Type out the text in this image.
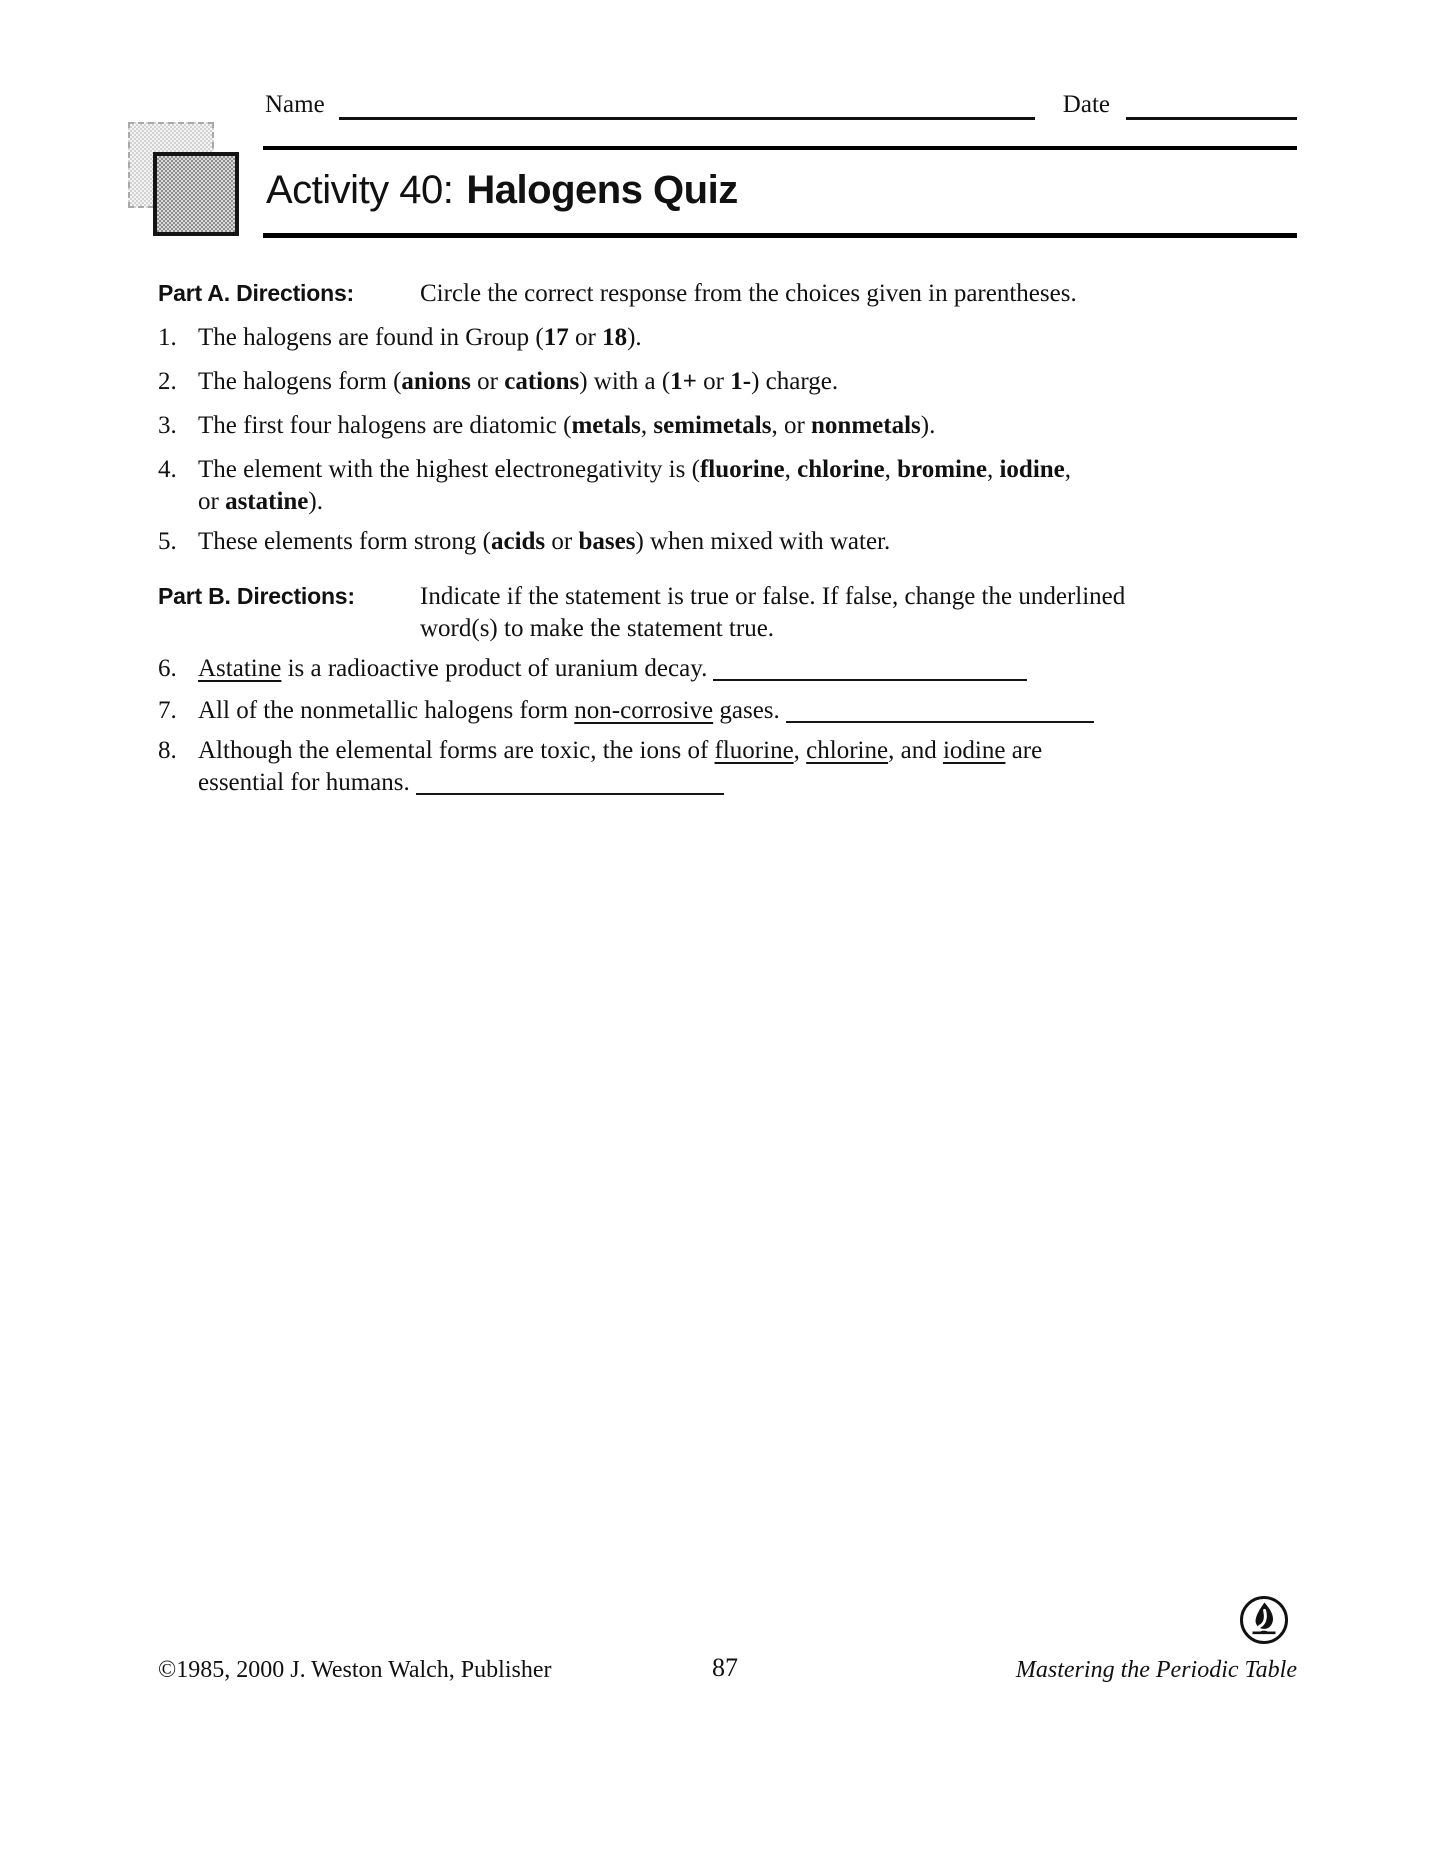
Name	Date
Activity 40: Halogens Quiz
Part A. Directions:	Circle the correct response from the choices given in parentheses.
1. The halogens are found in Group (17 or 18).
2. The halogens form (anions or cations) with a (1+ or 1-) charge.
3. The first four halogens are diatomic (metals, semimetals, or nonmetals).
4. The element with the highest electronegativity is (fluorine, chlorine, bromine, iodine,
or astatine).
5. These elements form strong (acids or bases) when mixed with water.
Part B. Directions:	Indicate if the statement is true or false. If false, change the underlined
word(s) to make the statement true.
6. Astatine is a radioactive product of uranium decay.
7. All of the nonmetallic halogens form non-corrosive gases.
8. Although the elemental forms are toxic, the ions of fluorine, chlorine, and iodine are
essential for humans.
©1985, 2000 J. Weston Walch, Publisher	87	Mastering the Periodic Table
